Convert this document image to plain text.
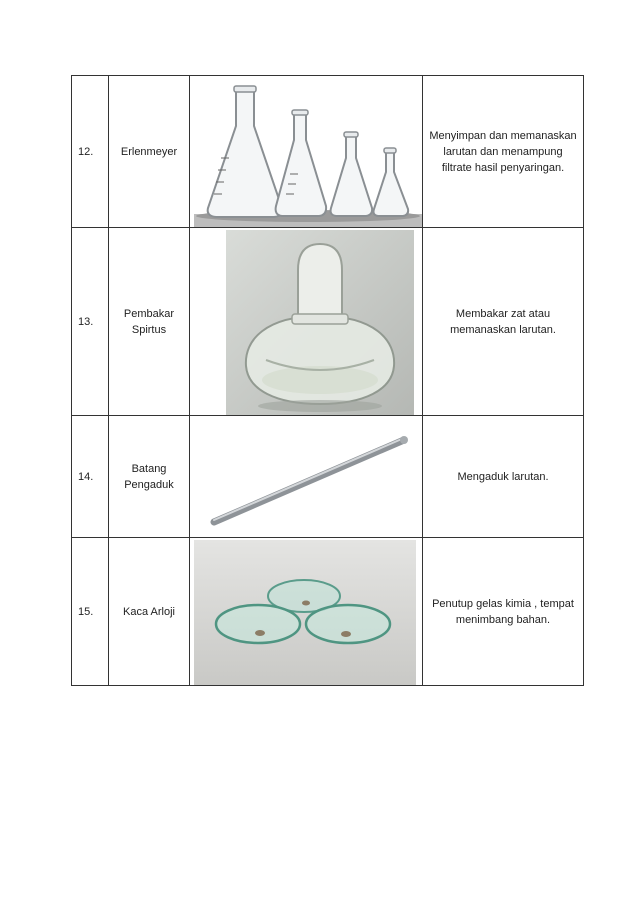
12.	Erlenmeyer		Menyimpan dan memanaskan larutan dan menampung filtrate hasil penyaringan.
13.	Pembakar Spirtus		Membakar zat atau memanaskan larutan.
14.	Batang Pengaduk		Mengaduk larutan.
15.	Kaca Arloji		Penutup gelas kimia , tempat menimbang bahan.
